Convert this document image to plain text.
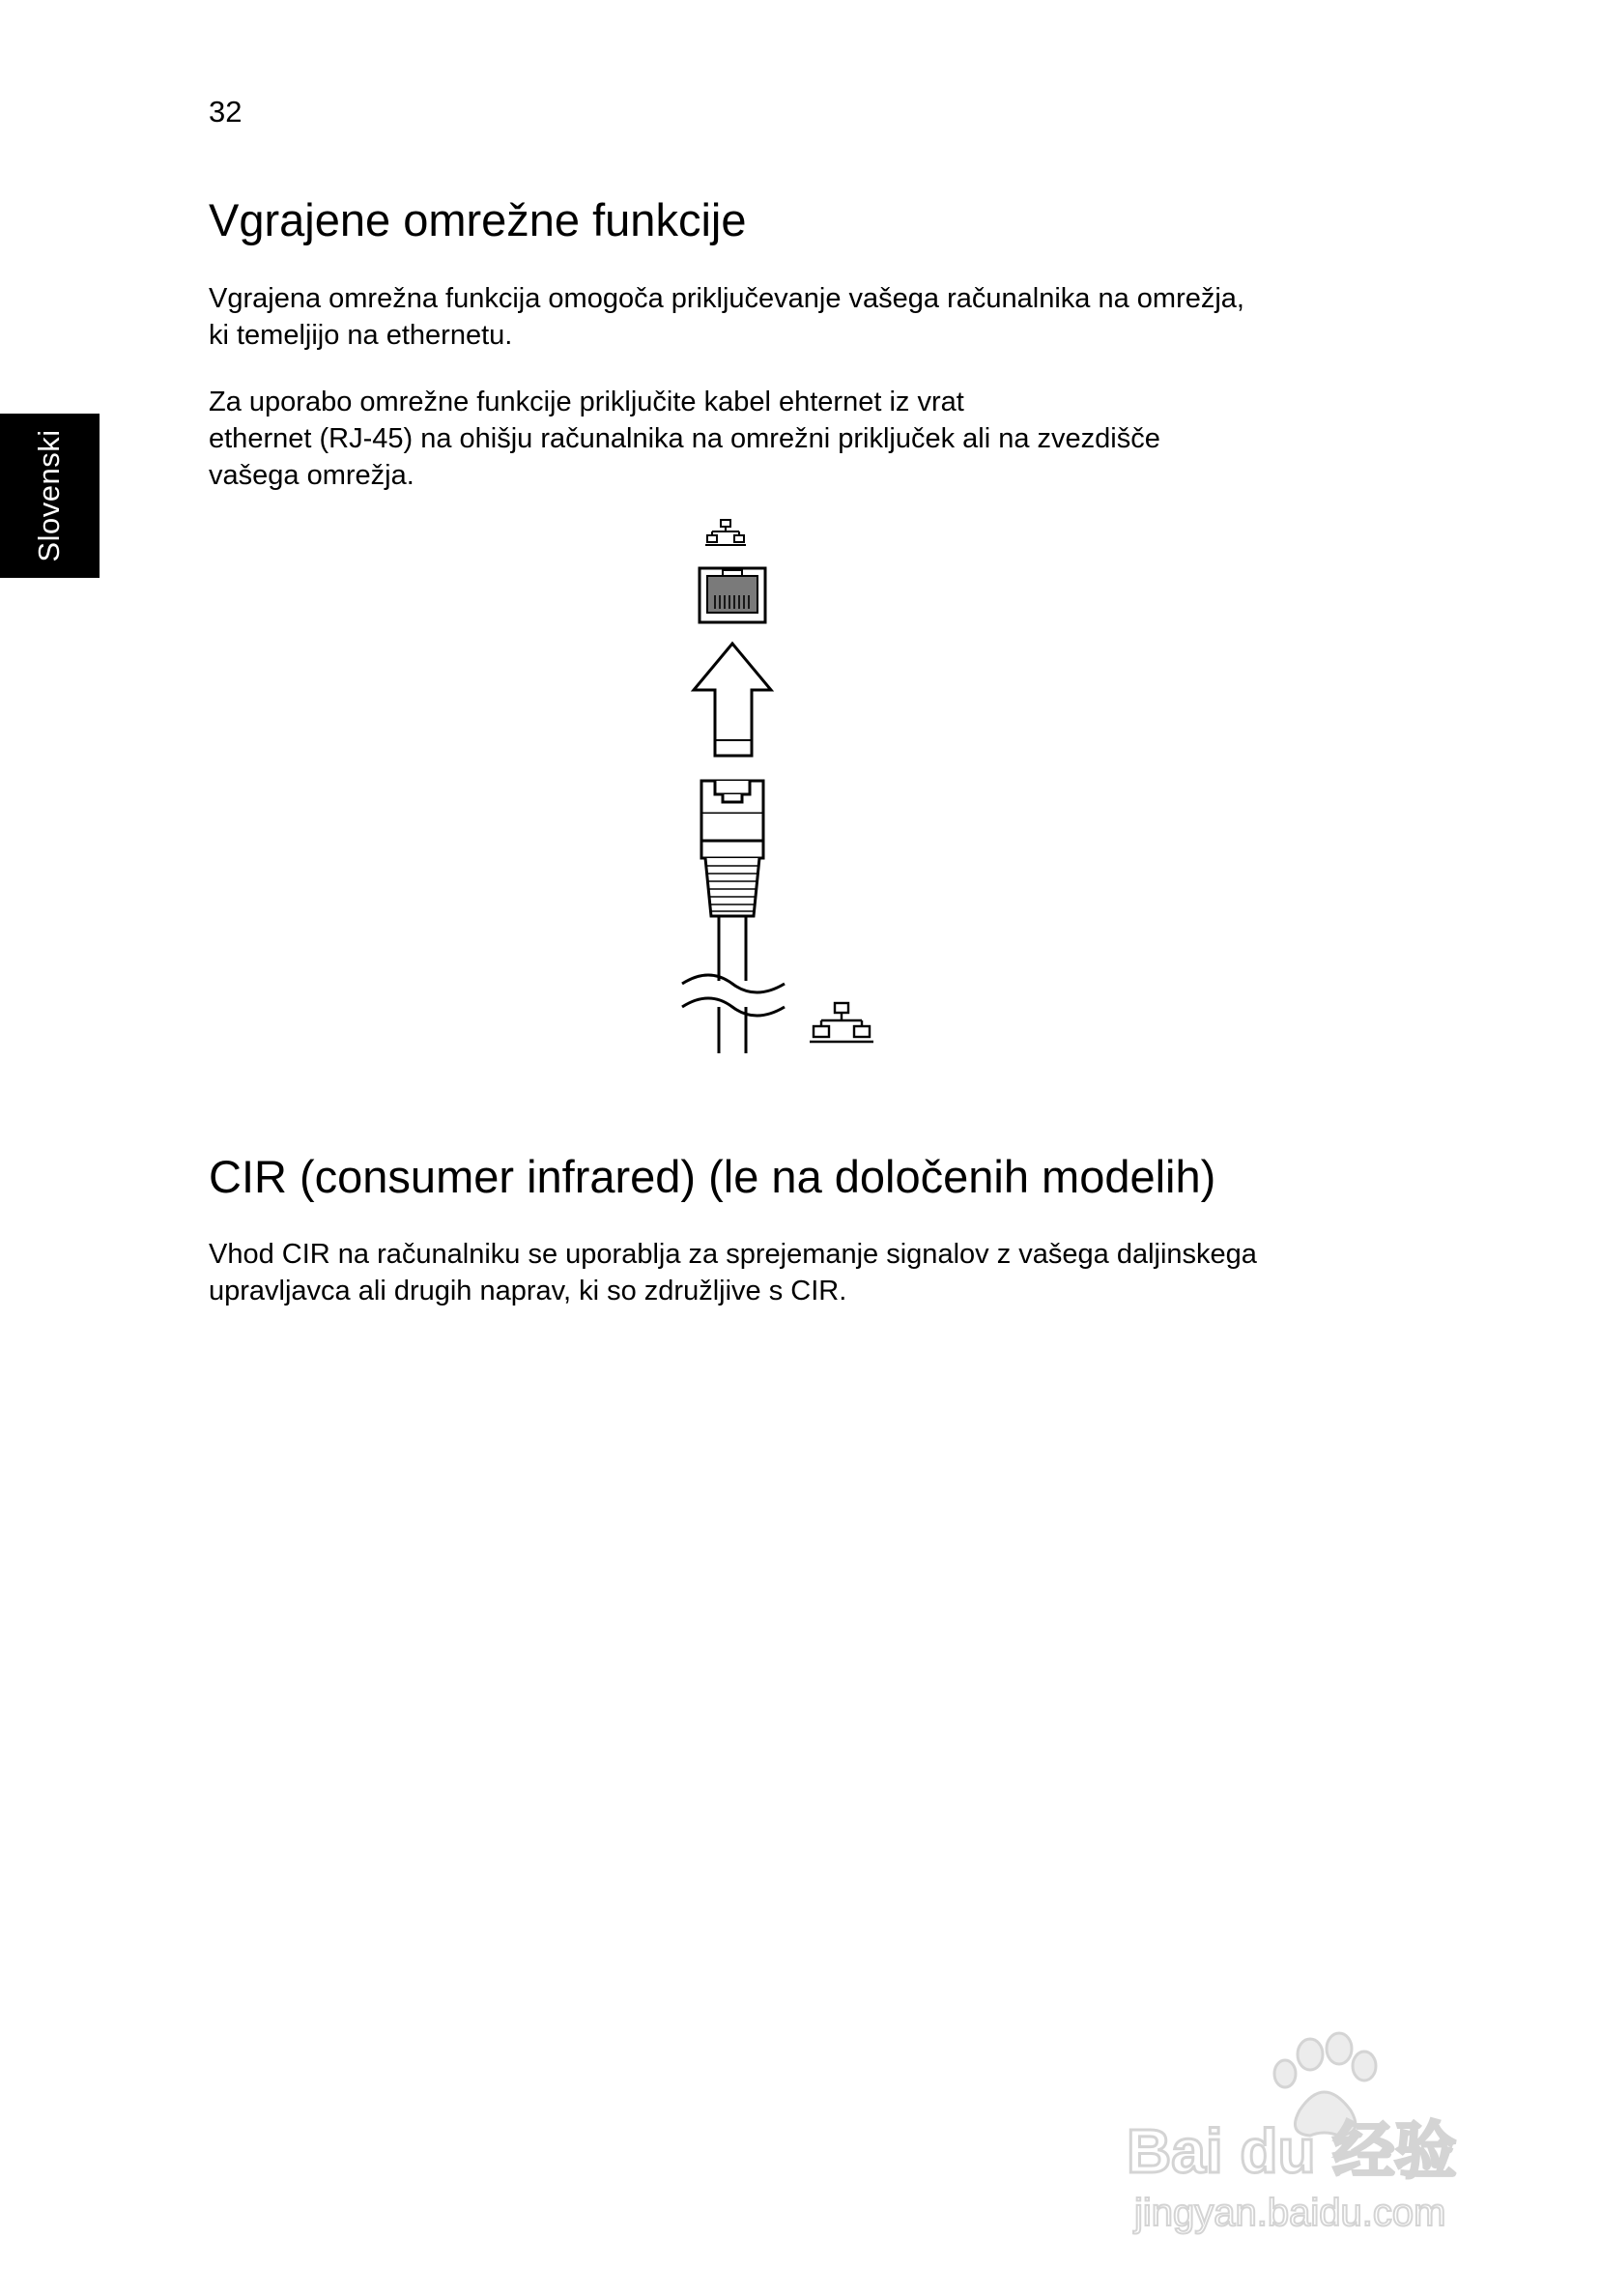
32
Slovenski
Vgrajene omrežne funkcije

Vgrajena omrežna funkcija omogoča priključevanje vašega računalnika na omrežja,
ki temeljijo na ethernetu.

Za uporabo omrežne funkcije priključite kabel ehternet iz vrat
ethernet (RJ-45) na ohišju računalnika na omrežni priključek ali na zvezdišče
vašega omrežja.

CIR (consumer infrared) (le na določenih modelih)

Vhod CIR na računalniku se uporablja za sprejemanje signalov z vašega daljinskega
upravljavca ali drugih naprav, ki so združljive s CIR.

Bai du 经验
jingyan.baidu.com
